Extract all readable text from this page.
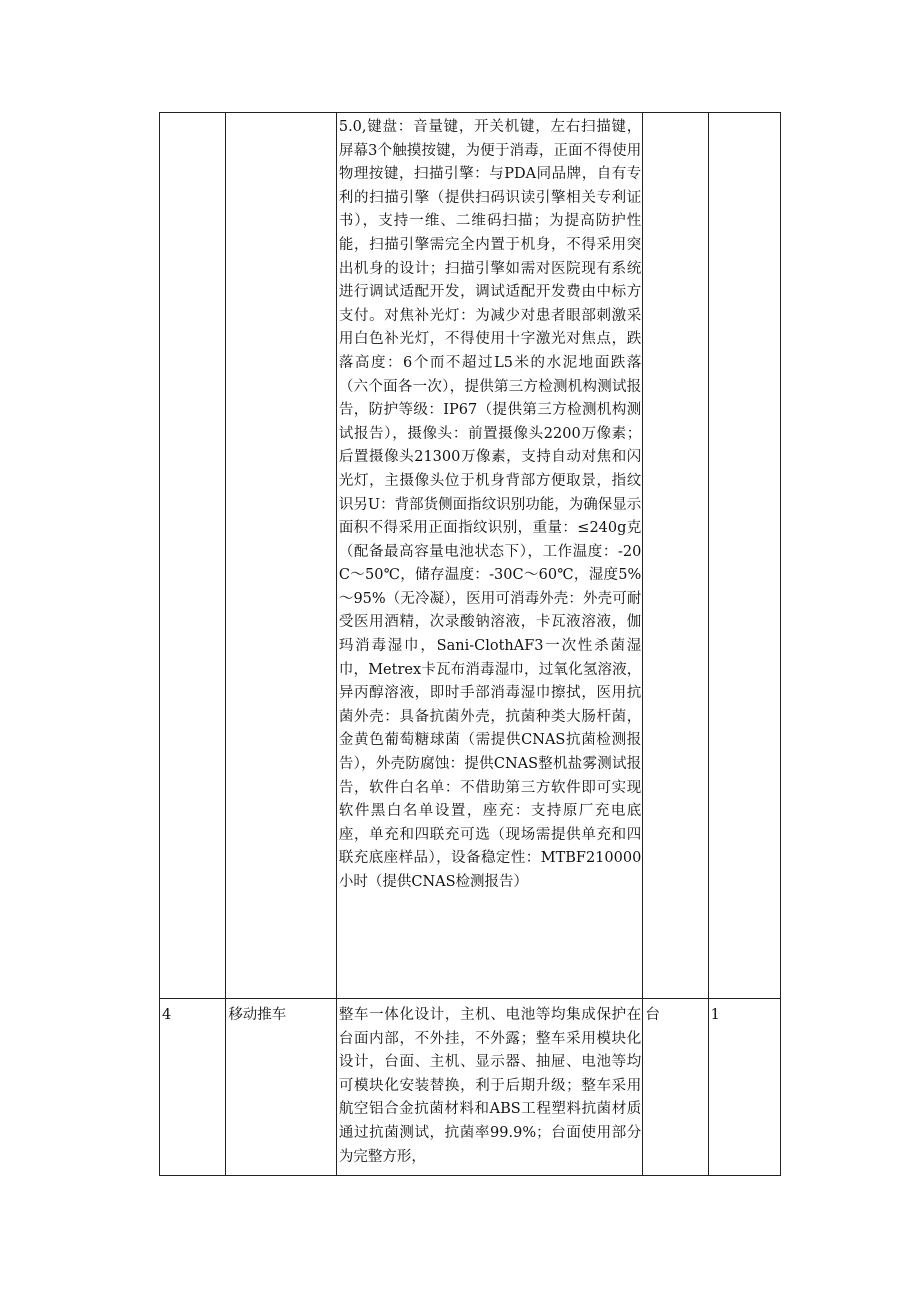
		5.0,键盘：音量键，开关机键，左右扫描键，屏幕3个触摸按键，为便于消毒，正面不得使用物理按键，扫描引擎：与PDA同品牌，自有专利的扫描引擎（提供扫码识读引擎相关专利证书），支持一维、二维码扫描；为提高防护性能，扫描引擎需完全内置于机身，不得采用突出机身的设计；扫描引擎如需对医院现有系统进行调试适配开发，调试适配开发费由中标方支付。对焦补光灯：为减少对患者眼部刺激采用白色补光灯，不得使用十字激光对焦点，跌落高度：6个而不超过L5米的水泥地面跌落（六个面各一次），提供第三方检测机构测试报告，防护等级：IP67（提供第三方检测机构测试报告），摄像头：前置摄像头2200万像素；后置摄像头21300万像素，支持自动对焦和闪光灯，主摄像头位于机身背部方便取景，指纹识另U：背部货侧面指纹识别功能，为确保显示面积不得采用正面指纹识别，重量：≤240g克（配备最高容量电池状态下），工作温度：-20C～50℃，储存温度：-30C～60℃，湿度5%～95%（无冷凝），医用可消毒外壳：外壳可耐受医用酒精，次录酸钠溶液，卡瓦液溶液，伽玛消毒湿巾，Sani-ClothAF3一次性杀菌湿巾，Metrex卡瓦布消毒湿巾，过氧化氢溶液，异丙醇溶液，即时手部消毒湿巾擦拭，医用抗菌外壳：具备抗菌外壳，抗菌种类大肠杆菌，金黄色葡萄糖球菌（需提供CNAS抗菌检测报告），外壳防腐蚀：提供CNAS整机盐雾测试报告，软件白名单：不借助第三方软件即可实现软件黑白名单设置，座充：支持原厂充电底座，单充和四联充可选（现场需提供单充和四联充底座样品），设备稳定性：MTBF210000小时（提供CNAS检测报告）		

4	移动推车	整车一体化设计，主机、电池等均集成保护在台面内部，不外挂，不外露；整车采用模块化设计，台面、主机、显示器、抽屉、电池等均可模块化安装替换，利于后期升级；整车采用航空铝合金抗菌材料和ABS工程塑料抗菌材质通过抗菌测试，抗菌率99.9%；台面使用部分为完整方形，	台	1
